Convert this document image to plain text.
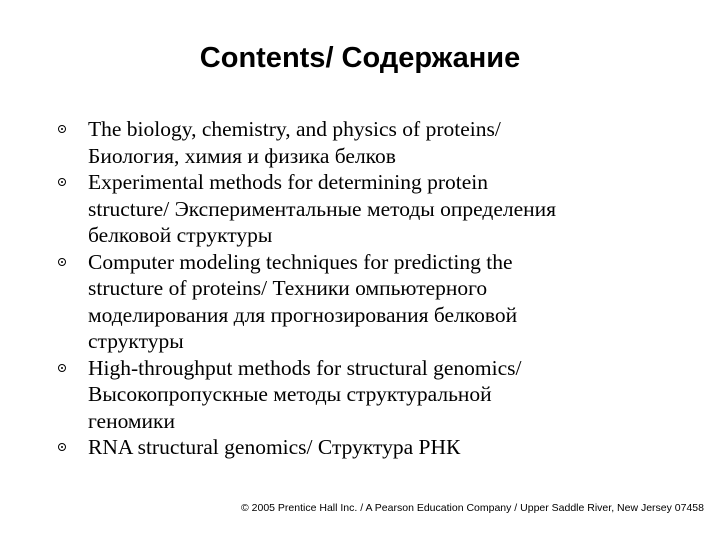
Contents/ Содержание
The biology, chemistry, and physics of proteins/
Биология, химия и физика белков
Experimental methods for determining protein
structure/ Экспериментальные методы определения
белковой структуры
Computer modeling techniques for predicting the
structure of proteins/ Техники омпьютерного
моделирования для прогнозирования белковой
структуры
High-throughput methods for structural genomics/
Высокопропускные методы структуральной
геномики
RNA structural genomics/ Структура РНК
© 2005 Prentice Hall Inc. / A Pearson Education Company / Upper Saddle River, New Jersey 07458
